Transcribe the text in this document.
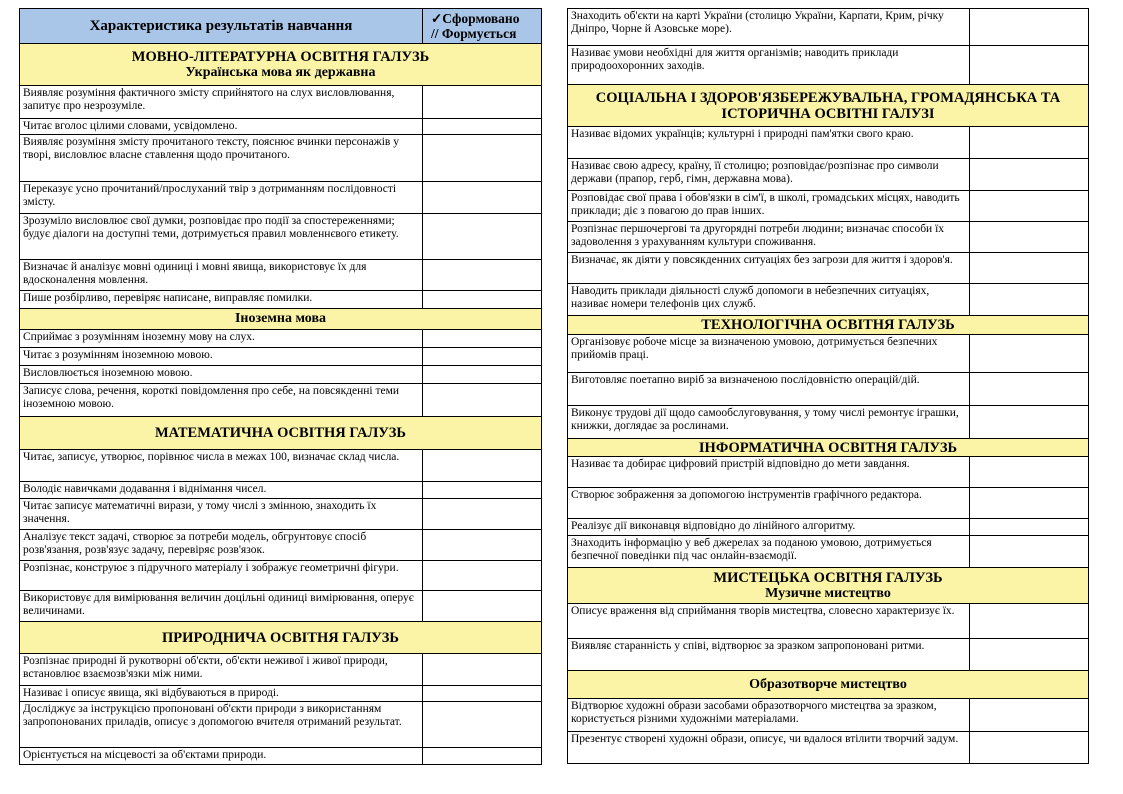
Характеристика результатів навчання	✓Сформовано
// Формується
МОВНО-ЛІТЕРАТУРНА ОСВІТНЯ ГАЛУЗЬ
Українська мова як державна
Виявляє розуміння фактичного змісту сприйнятого на слух висловлювання, запитує про незрозуміле.
Читає вголос цілими словами, усвідомлено.
Виявляє розуміння змісту прочитаного тексту, пояснює вчинки персонажів у творі, висловлює власне ставлення щодо прочитаного.
Переказує усно прочитаний/прослуханий твір з дотриманням послідовності змісту.
Зрозуміло висловлює свої думки, розповідає про події за спостереженнями; будує діалоги на доступні теми, дотримується правил мовленнєвого етикету.
Визначає й аналізує мовні одиниці і мовні явища, використовує їх для вдосконалення мовлення.
Пише розбірливо, перевіряє написане, виправляє помилки.
Іноземна мова
Сприймає з розумінням іноземну мову на слух.
Читає з розумінням іноземною мовою.
Висловлюється іноземною мовою.
Записує слова, речення, короткі повідомлення про себе, на повсякденні теми іноземною мовою.
МАТЕМАТИЧНА ОСВІТНЯ ГАЛУЗЬ
Читає, записує, утворює, порівнює числа в межах 100, визначає склад числа.
Володіє навичками додавання і віднімання чисел.
Читає записує математичні вирази, у тому числі з змінною, знаходить їх значення.
Аналізує текст задачі, створює за потреби модель, обгрунтовує спосіб розв'язання, розв'язує задачу, перевіряє розв'язок.
Розпізнає, конструює з підручного матеріалу і зображує геометричні фігури.
Використовує для вимірювання величин доцільні одиниці вимірювання, оперує величинами.
ПРИРОДНИЧА ОСВІТНЯ ГАЛУЗЬ
Розпізнає природні й рукотворні об'єкти, об'єкти неживої і живої природи, встановлює взаємозв'язки між ними.
Називає і описує явища, які відбуваються в природі.
Досліджує за інструкцією пропоновані об'єкти природи з використанням запропонованих приладів, описує з допомогою вчителя отриманий результат.
Орієнтується на місцевості за об'єктами природи.
Знаходить об'єкти на карті України (столицю України, Карпати, Крим, річку Дніпро, Чорне й Азовське море).
Називає умови необхідні для життя організмів; наводить приклади природоохоронних заходів.
СОЦІАЛЬНА І ЗДОРОВ'ЯЗБЕРЕЖУВАЛЬНА, ГРОМАДЯНСЬКА ТА ІСТОРИЧНА ОСВІТНІ ГАЛУЗІ
Називає відомих українців; культурні і природні пам'ятки свого краю.
Називає свою адресу, країну, її столицю; розповідає/розпізнає про символи держави (прапор, герб, гімн, державна мова).
Розповідає свої права і обов'язки в сім'ї, в школі, громадських місцях, наводить приклади; діє з повагою до прав інших.
Розпізнає першочергові та другорядні потреби людини; визначає способи їх задоволення з урахуванням культури споживання.
Визначає, як діяти у повсякденних ситуаціях без загрози для життя і здоров'я.
Наводить приклади діяльності служб допомоги в небезпечних ситуаціях, називає номери телефонів цих служб.
ТЕХНОЛОГІЧНА ОСВІТНЯ ГАЛУЗЬ
Організовує робоче місце за визначеною умовою, дотримується безпечних прийомів праці.
Виготовляє поетапно виріб за визначеною послідовністю операцій/дій.
Виконує трудові дії щодо самообслуговування, у тому числі ремонтує іграшки, книжки, доглядає за рослинами.
ІНФОРМАТИЧНА ОСВІТНЯ ГАЛУЗЬ
Називає та добирає цифровий пристрій відповідно до мети завдання.
Створює зображення за допомогою інструментів графічного редактора.
Реалізує дії виконавця відповідно до лінійного алгоритму.
Знаходить інформацію у веб джерелах за поданою умовою, дотримується безпечної поведінки під час онлайн-взаємодії.
МИСТЕЦЬКА ОСВІТНЯ ГАЛУЗЬ
Музичне мистецтво
Описує враження від сприймання творів мистецтва, словесно характеризує їх.
Виявляє старанність у співі, відтворює за зразком запропоновані ритми.
Образотворче мистецтво
Відтворює художні образи засобами образотворчого мистецтва за зразком, користується різними художніми матеріалами.
Презентує створені художні образи, описує, чи вдалося втілити творчий задум.
